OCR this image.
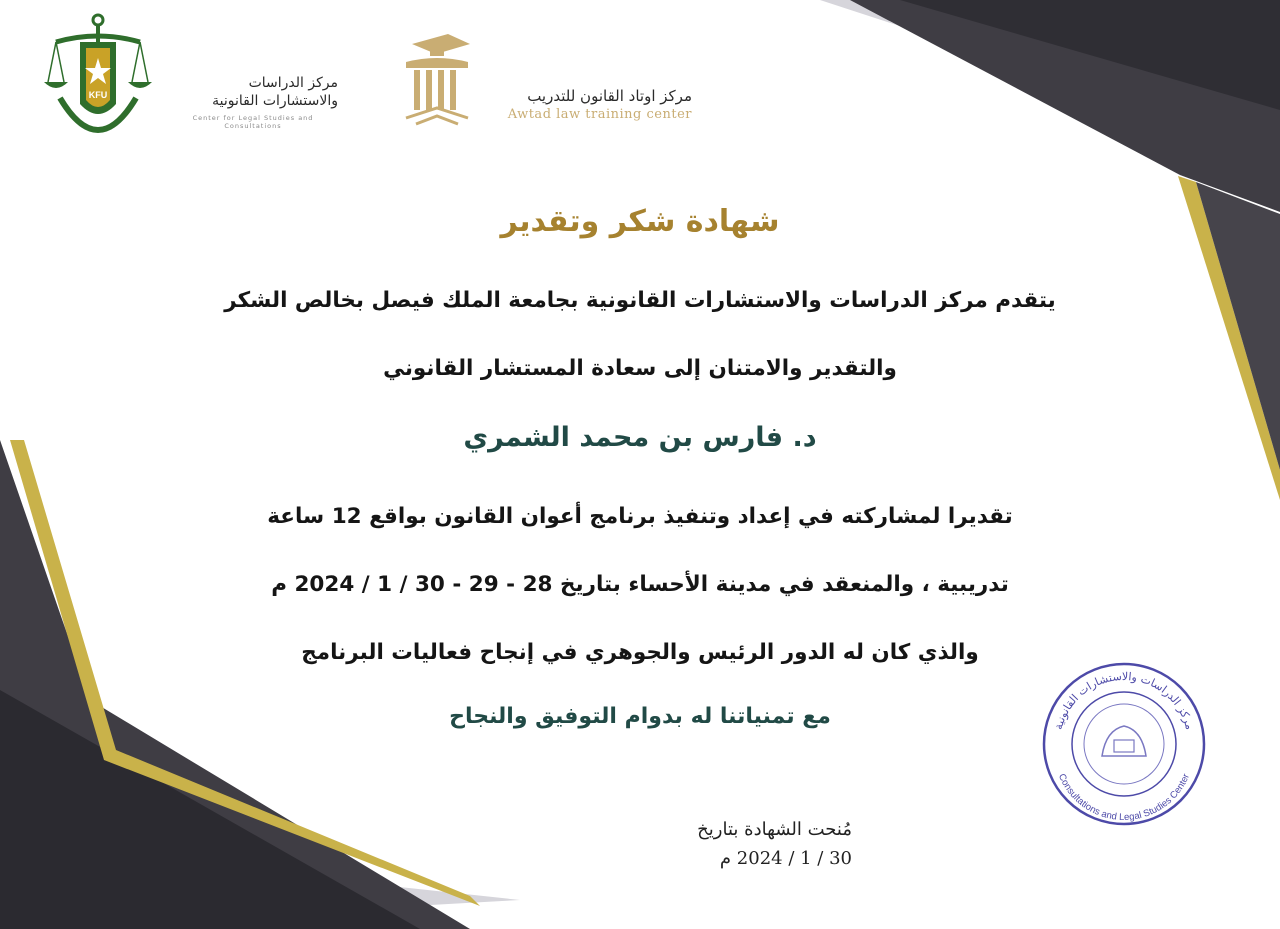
KFU
مركز الدراسات
والاستشارات القانونية
Center for Legal Studies and Consultations
مركز اوتاد القانون للتدريب
Awtad law training center
شهادة شكر وتقدير
يتقدم مركز الدراسات والاستشارات القانونية بجامعة الملك فيصل بخالص الشكر
والتقدير والامتنان إلى سعادة المستشار القانوني
د. فارس بن محمد الشمري
تقديرا لمشاركته في إعداد وتنفيذ برنامج أعوان القانون بواقع 12 ساعة
تدريبية ، والمنعقد في مدينة الأحساء بتاريخ 28 - 29 - 30 / 1 / 2024 م
والذي كان له الدور الرئيس والجوهري في إنجاح فعاليات البرنامج
مع تمنياتنا له بدوام التوفيق والنجاح
مُنحت الشهادة بتاريخ
30 / 1 / 2024 م
مركز الدراسات والاستشارات القانونية
Consultations and Legal Studies Center
